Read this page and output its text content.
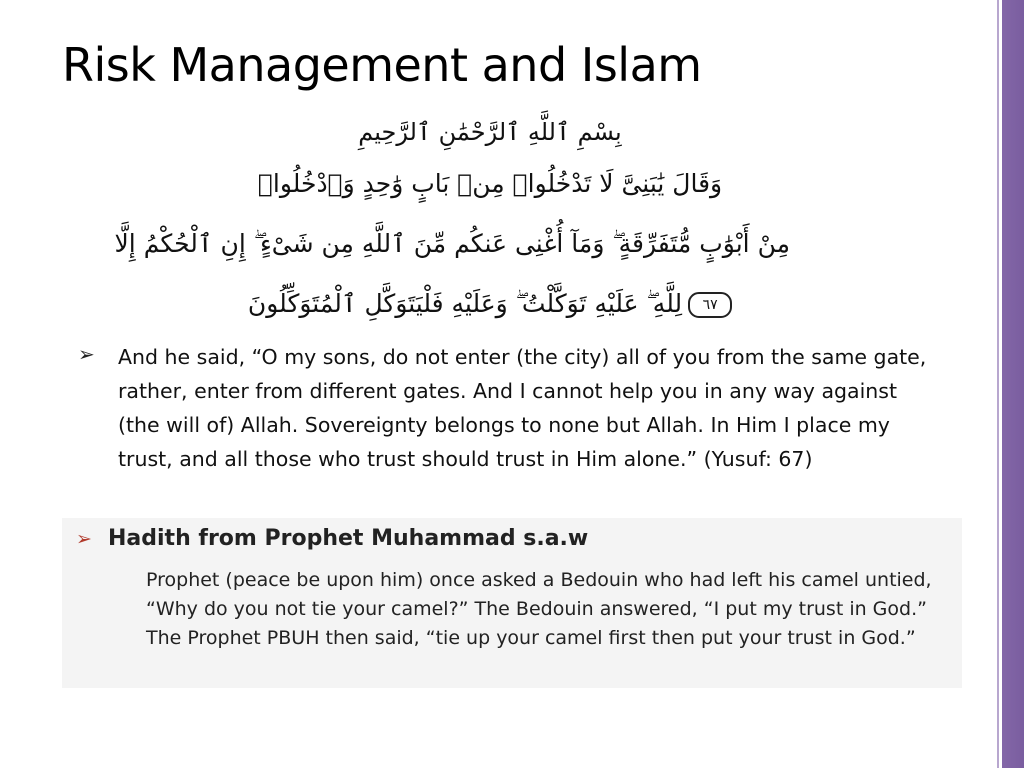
Risk Management and Islam
بِسْمِ ٱللَّهِ ٱلرَّحْمَٰنِ ٱلرَّحِيمِ
وَقَالَ يَٰبَنِىَّ لَا تَدْخُلُوا۟ مِنۢ بَابٍ وَٰحِدٍ وَٱدْخُلُوا۟
مِنْ أَبْوَٰبٍ مُّتَفَرِّقَةٍ ۖ وَمَآ أُغْنِى عَنكُم مِّنَ ٱللَّهِ مِن شَىْءٍ ۖ إِنِ ٱلْحُكْمُ إِلَّا
٦٧لِلَّهِ ۖ عَلَيْهِ تَوَكَّلْتُ ۖ وَعَلَيْهِ فَلْيَتَوَكَّلِ ٱلْمُتَوَكِّلُونَ
➢ And he said, “O my sons, do not enter (the city) all of you from the same gate, rather, enter from different gates. And I cannot help you in any way against (the will of) Allah. Sovereignty belongs to none but Allah. In Him I place my trust, and all those who trust should trust in Him alone.” (Yusuf: 67)

➢ Hadith from Prophet Muhammad s.a.w

Prophet (peace be upon him) once asked a Bedouin who had left his camel untied, “Why do you not tie your camel?” The Bedouin answered, “I put my trust in God.” The Prophet PBUH then said, “tie up your camel first then put your trust in God.”
